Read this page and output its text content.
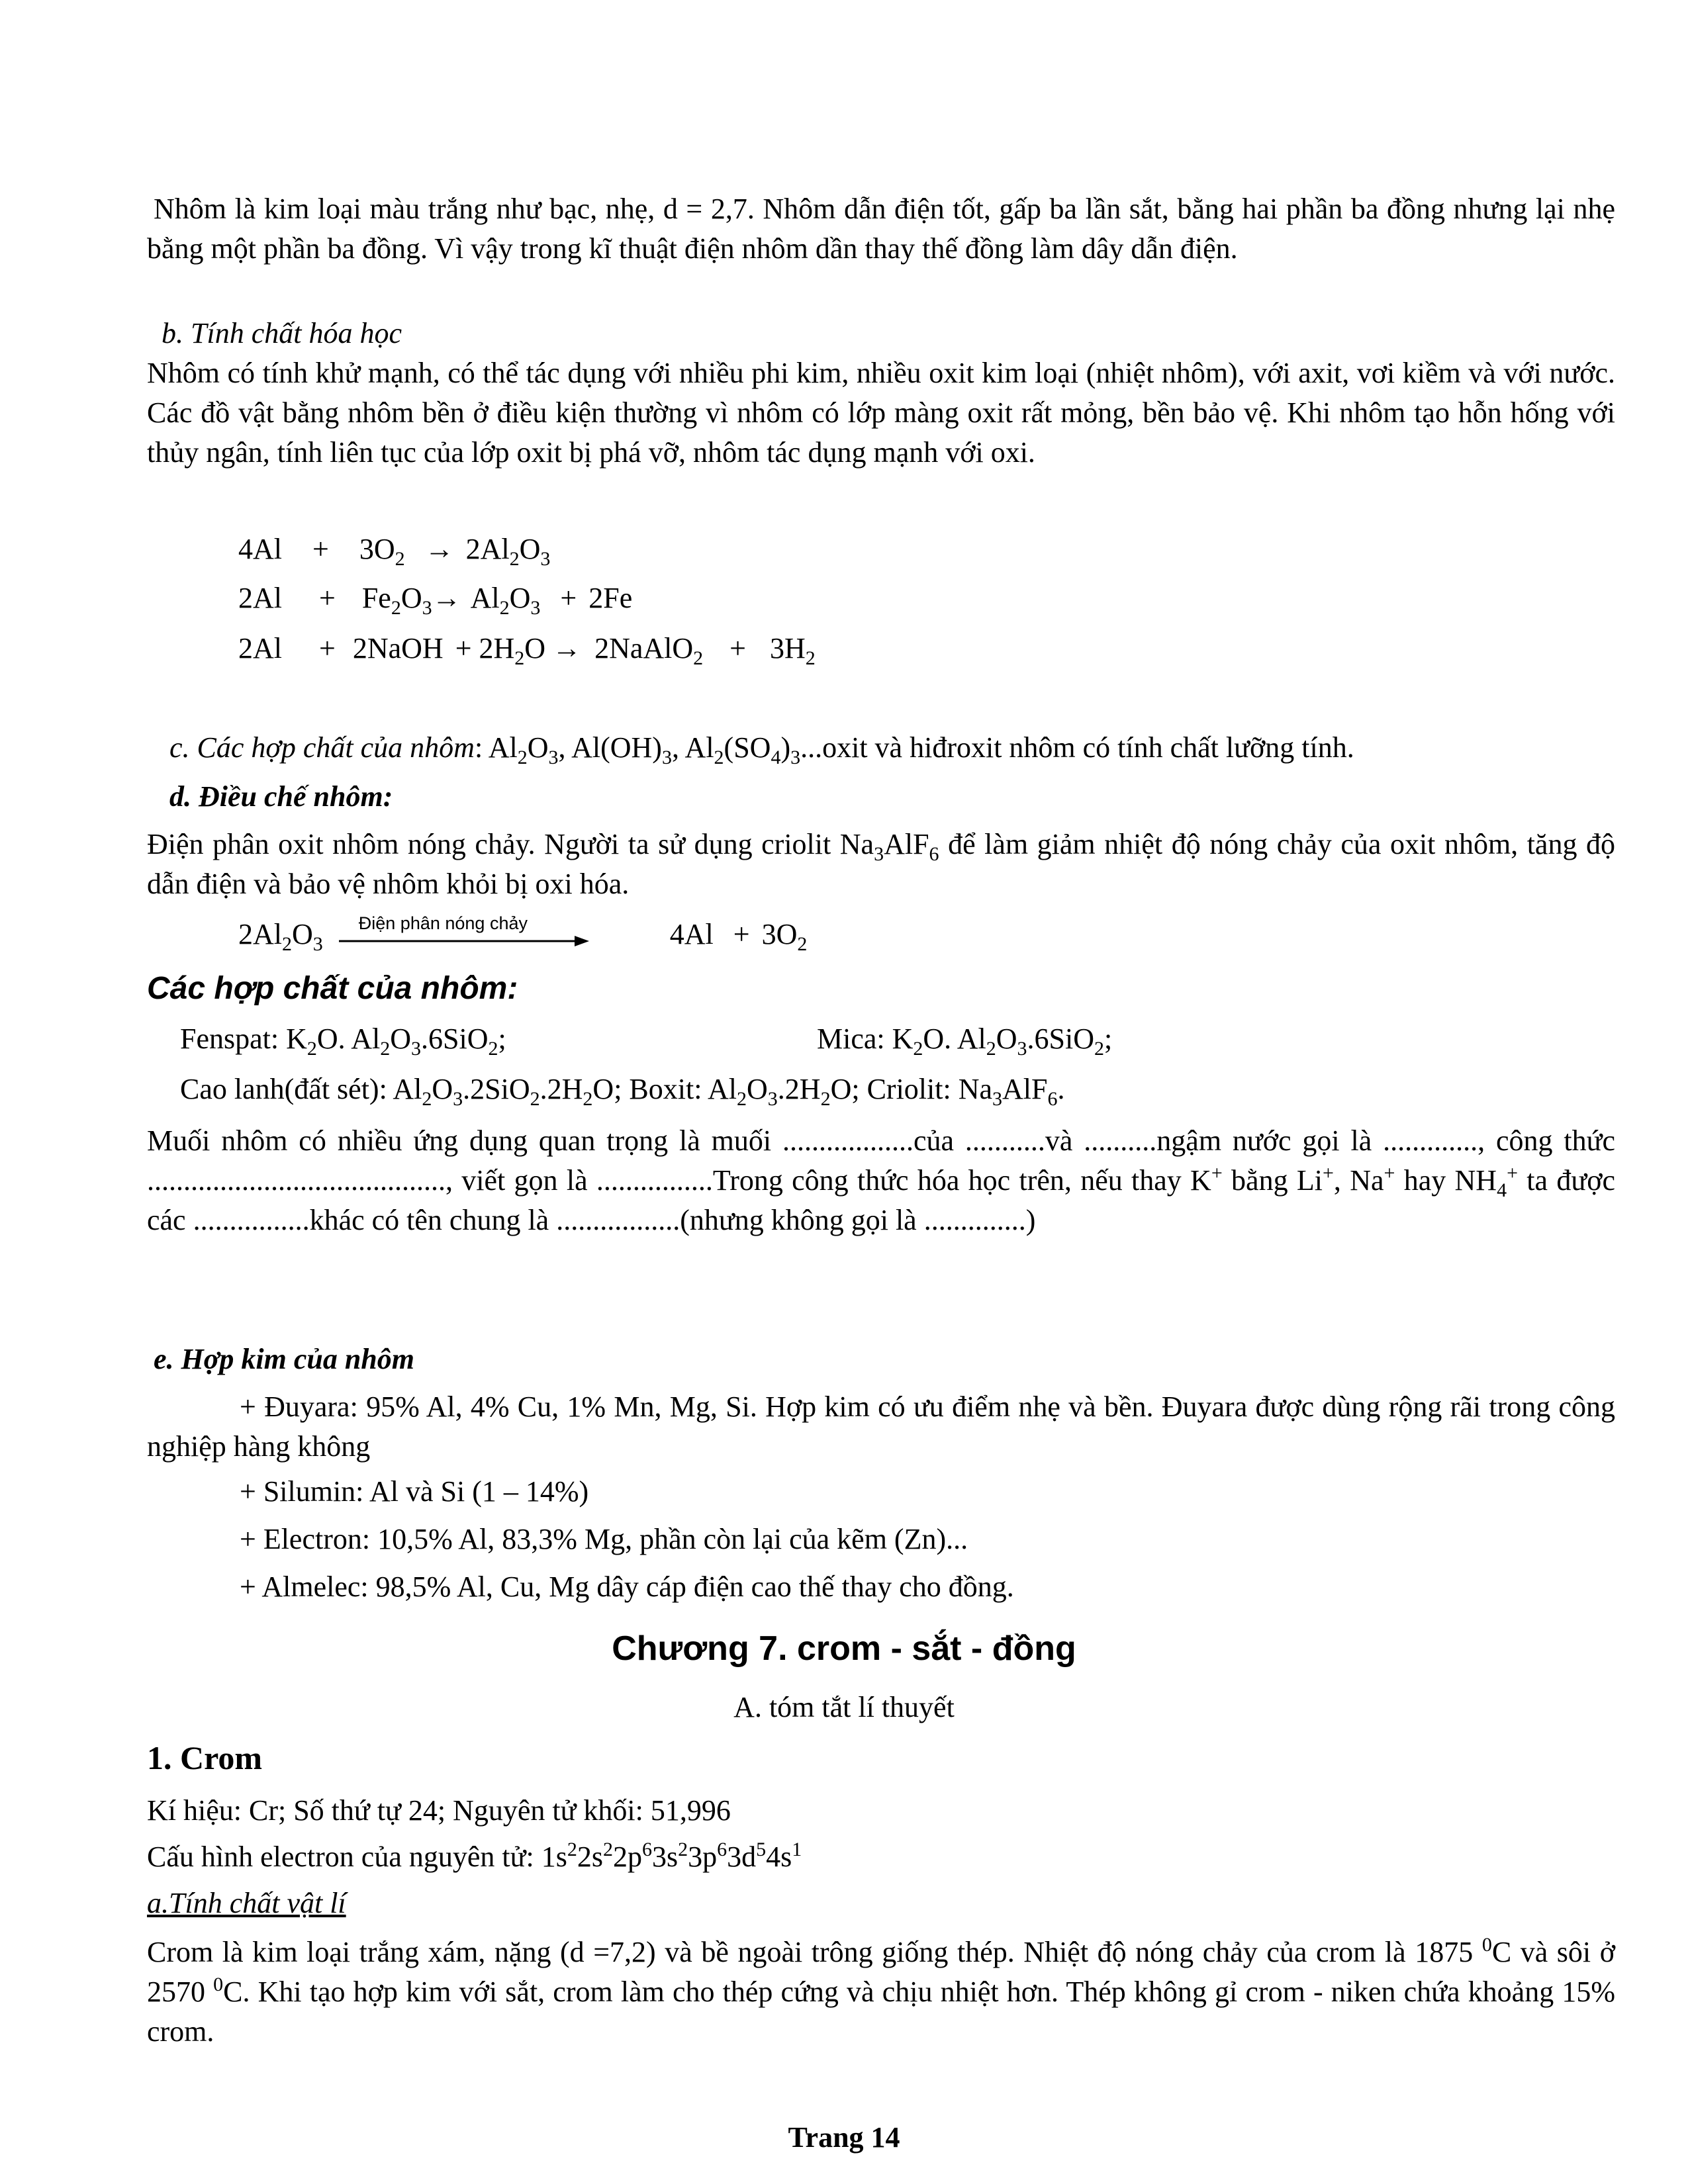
Nhôm là kim loại màu trắng như bạc, nhẹ, d = 2,7. Nhôm dẫn điện tốt, gấp ba lần sắt, bằng hai phần ba đồng nhưng lại nhẹ bằng một phần ba đồng. Vì vậy trong kĩ thuật điện nhôm dần thay thế đồng làm dây dẫn điện.

b. Tính chất hóa học

Nhôm có tính khử mạnh, có thể tác dụng với nhiều phi kim, nhiều oxit kim loại (nhiệt nhôm), với axit, vơi kiềm và với nước. Các đồ vật bằng nhôm bền ở điều kiện thường vì nhôm có lớp màng oxit rất mỏng, bền bảo vệ. Khi nhôm tạo hỗn hống với thủy ngân, tính liên tục của lớp oxit bị phá vỡ, nhôm tác dụng mạnh với oxi.

$4Al + 3O_2 \to 2Al_2O_3$
$2Al + Fe_2O_3\to Al_2O_3 + 2Fe$
2Al + 2NaOH + $2H_2O$ → 2NaAlO$_2$ + $3H_2$
c. Các hợp chất của nhôm: $Al_2O_3$, $Al(OH)_3$, $Al_2(SO_4)_3...oxit$ và hiđroxit nhôm có tính chất lưỡng tính.

d. Điều chế nhôm:

Điện phân oxit nhôm nóng chảy. Người ta sử dụng criolit $Na_3AlF_6$ để làm giảm nhiệt độ nóng chảy của oxit nhôm, tăng độ dẫn điện và bảo vệ nhôm khỏi bị oxi hóa.

$2Al_2O_3$
Điện phân nóng chảy	$4Al + 3O_2$

Các hợp chất của nhôm:

Fenspat: $K_2O$. $Al_2O_3.6SiO_2$;	Mica: $K_2O$. $Al_2O_3.6SiO_2$;
Cao lanh(đất sét): $Al_2O_3.2SiO_2.2H_2O$; Boxit: $Al_2O_3.2H_2O$; Criolit: $Na_3AlF_6$.

Muối nhôm có nhiều ứng dụng quan trọng là muối ..................của ...........và ..........ngậm nước gọi là ............., công thức ........................................., viết gọn là ................Trong công thức hóa học trên, nếu thay K+ bằng Li+, Na+ hay $NH_4^+$ ta được các ................khác có tên chung là .................(nhưng không gọi là ..............)

e. Hợp kim của nhôm

+ Đuyara: 95% Al, 4% Cu, 1% Mn, Mg, Si. Hợp kim có ưu điểm nhẹ và bền. Đuyara được dùng rộng rãi trong công nghiệp hàng không

+ Silumin: Al và Si (1 – 14%)

+ Electron: 10,5% Al, 83,3% Mg, phần còn lại của kẽm (Zn)...

+ Almelec: 98,5% Al, Cu, Mg dây cáp điện cao thế thay cho đồng.

Chương 7. crom - sắt - đồng

A. tóm tắt lí thuyết

1. Crom

Kí hiệu: Cr; Số thứ tự 24; Nguyên tử khối: 51,996

Cấu hình electron của nguyên tử: $1s^22s^22p^63s^23p^63d^54s^1$

a.Tính chất vật lí

Crom là kim loại trắng xám, nặng (d =7,2) và bề ngoài trông giống thép. Nhiệt độ nóng chảy của crom là 1875 $^0$C và sôi ở 2570 $^0$C. Khi tạo hợp kim với sắt, crom làm cho thép cứng và chịu nhiệt hơn. Thép không gỉ crom - niken chứa khoảng 15% crom.

Trang 14
